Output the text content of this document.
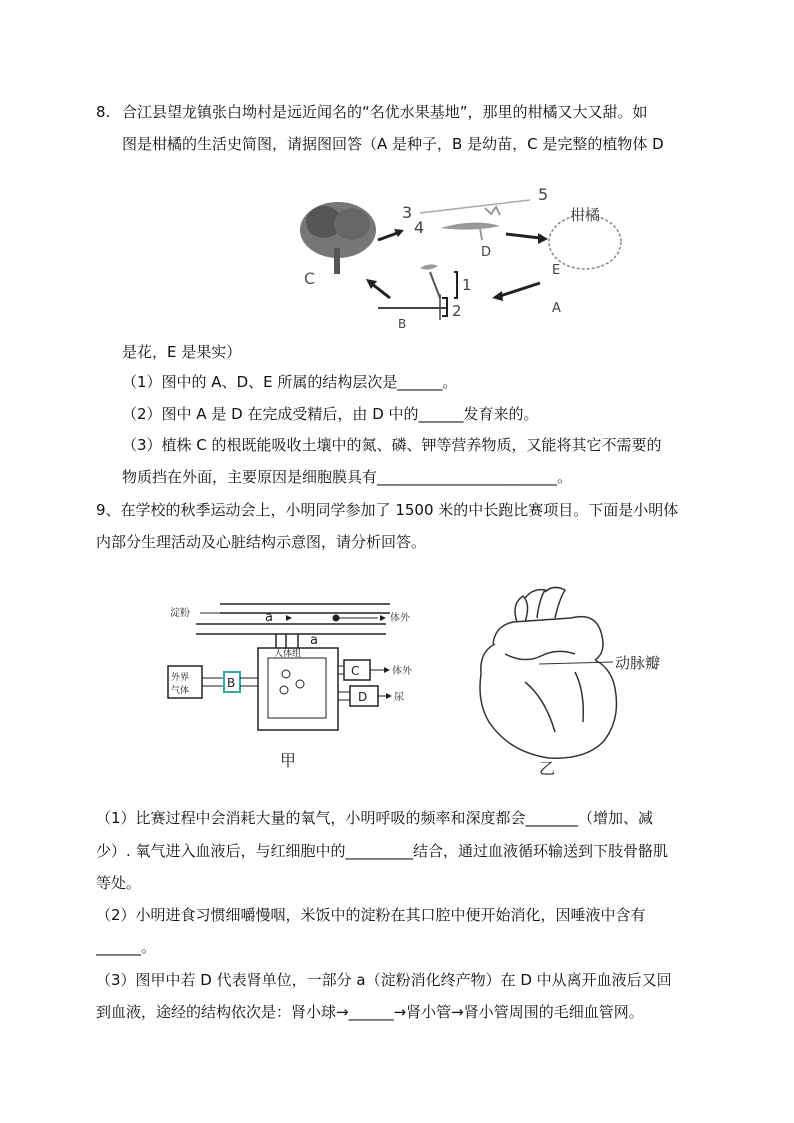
8. 合江县望龙镇张白坳村是远近闻名的“名优水果基地”，那里的柑橘又大又甜。如
图是柑橘的生活史简图，请据图回答（A 是种子，B 是幼苗，C 是完整的植物体 D
C
3
4
5
D
柑橘
E
A
1
2
B
是花，E 是果实）
（1）图中的 A、D、E 所属的结构层次是______。
（2）图中 A 是 D 在完成受精后，由 D 中的______发育来的。
（3）植株 C 的根既能吸收土壤中的氮、磷、钾等营养物质，又能将其它不需要的
物质挡在外面，主要原因是细胞膜具有________________________。
9、在学校的秋季运动会上，小明同学参加了 1500 米的中长跑比赛项目。下面是小明体
内部分生理活动及心脏结构示意图，请分析回答。
淀粉	a	体外
a
人体组
外界
气体
B
C	体外
D	尿
甲
动脉瓣
乙
（1）比赛过程中会消耗大量的氧气，小明呼吸的频率和深度都会_______（增加、减
少）. 氧气进入血液后，与红细胞中的_________结合，通过血液循环输送到下肢骨骼肌
等处。
（2）小明进食习惯细嚼慢咽，米饭中的淀粉在其口腔中便开始消化，因唾液中含有
______。
（3）图甲中若 D 代表肾单位，一部分 a（淀粉消化终产物）在 D 中从离开血液后又回
到血液，途经的结构依次是：肾小球→______→肾小管→肾小管周围的毛细血管网。
